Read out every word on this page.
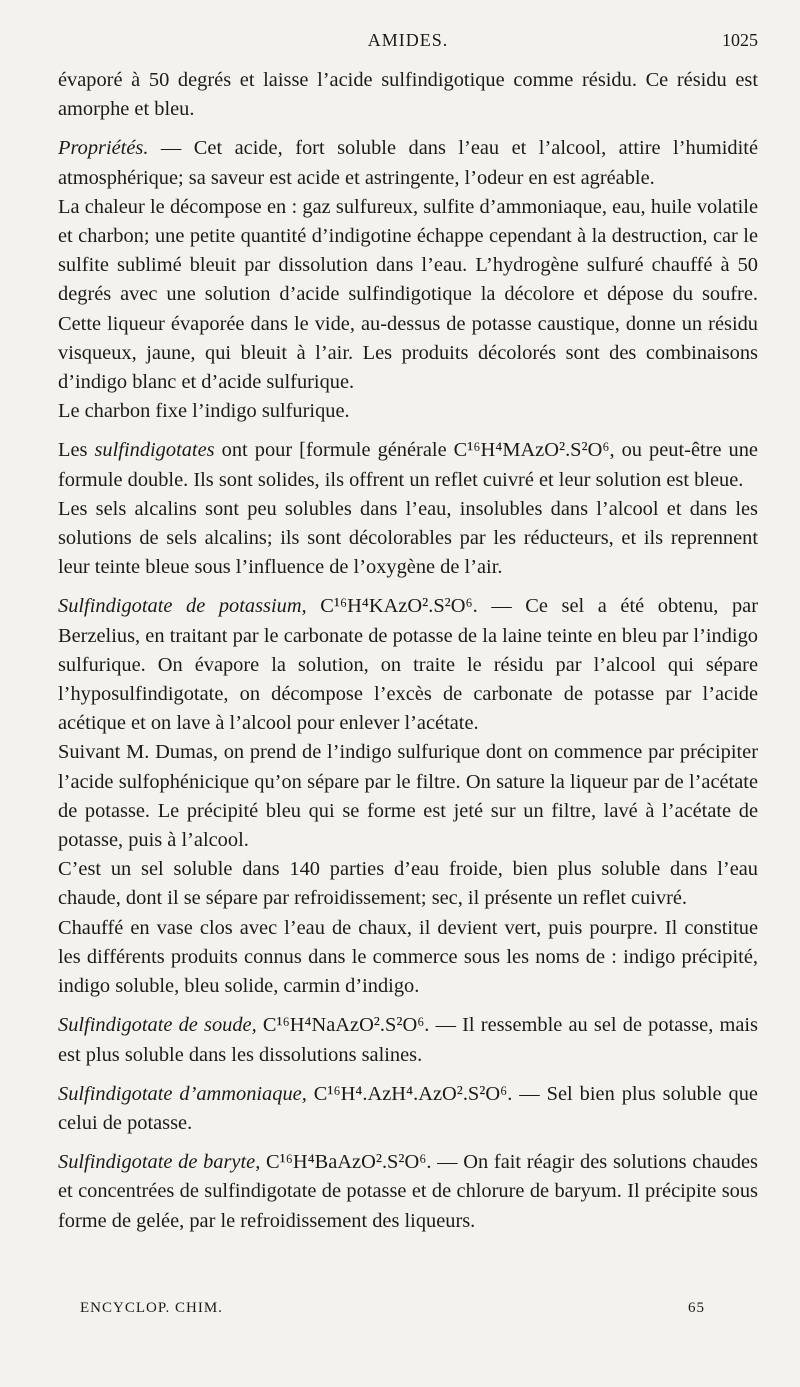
AMIDES.	1025

évaporé à 50 degrés et laisse l’acide sulfindigotique comme résidu. Ce résidu est amorphe et bleu.

Propriétés. — Cet acide, fort soluble dans l’eau et l’alcool, attire l’humidité atmosphérique; sa saveur est acide et astringente, l’odeur en est agréable.

La chaleur le décompose en : gaz sulfureux, sulfite d’ammoniaque, eau, huile volatile et charbon; une petite quantité d’indigotine échappe cependant à la destruction, car le sulfite sublimé bleuit par dissolution dans l’eau. L’hydrogène sulfuré chauffé à 50 degrés avec une solution d’acide sulfindigotique la décolore et dépose du soufre. Cette liqueur évaporée dans le vide, au-dessus de potasse caustique, donne un résidu visqueux, jaune, qui bleuit à l’air. Les produits décolorés sont des combinaisons d’indigo blanc et d’acide sulfurique.

Le charbon fixe l’indigo sulfurique.

Les sulfindigotates ont pour [formule générale C¹⁶H⁴MAzO².S²O⁶, ou peut-être une formule double. Ils sont solides, ils offrent un reflet cuivré et leur solution est bleue.

Les sels alcalins sont peu solubles dans l’eau, insolubles dans l’alcool et dans les solutions de sels alcalins; ils sont décolorables par les réducteurs, et ils reprennent leur teinte bleue sous l’influence de l’oxygène de l’air.

Sulfindigotate de potassium, C¹⁶H⁴KAzO².S²O⁶. — Ce sel a été obtenu, par Berzelius, en traitant par le carbonate de potasse de la laine teinte en bleu par l’indigo sulfurique. On évapore la solution, on traite le résidu par l’alcool qui sépare l’hyposulfindigotate, on décompose l’excès de carbonate de potasse par l’acide acétique et on lave à l’alcool pour enlever l’acétate.

Suivant M. Dumas, on prend de l’indigo sulfurique dont on commence par précipiter l’acide sulfophénicique qu’on sépare par le filtre. On sature la liqueur par de l’acétate de potasse. Le précipité bleu qui se forme est jeté sur un filtre, lavé à l’acétate de potasse, puis à l’alcool.

C’est un sel soluble dans 140 parties d’eau froide, bien plus soluble dans l’eau chaude, dont il se sépare par refroidissement; sec, il présente un reflet cuivré.

Chauffé en vase clos avec l’eau de chaux, il devient vert, puis pourpre. Il constitue les différents produits connus dans le commerce sous les noms de : indigo précipité, indigo soluble, bleu solide, carmin d’indigo.

Sulfindigotate de soude, C¹⁶H⁴NaAzO².S²O⁶. — Il ressemble au sel de potasse, mais est plus soluble dans les dissolutions salines.

Sulfindigotate d’ammoniaque, C¹⁶H⁴.AzH⁴.AzO².S²O⁶. — Sel bien plus soluble que celui de potasse.

Sulfindigotate de baryte, C¹⁶H⁴BaAzO².S²O⁶. — On fait réagir des solutions chaudes et concentrées de sulfindigotate de potasse et de chlorure de baryum. Il précipite sous forme de gelée, par le refroidissement des liqueurs.

ENCYCLOP. CHIM.	65
